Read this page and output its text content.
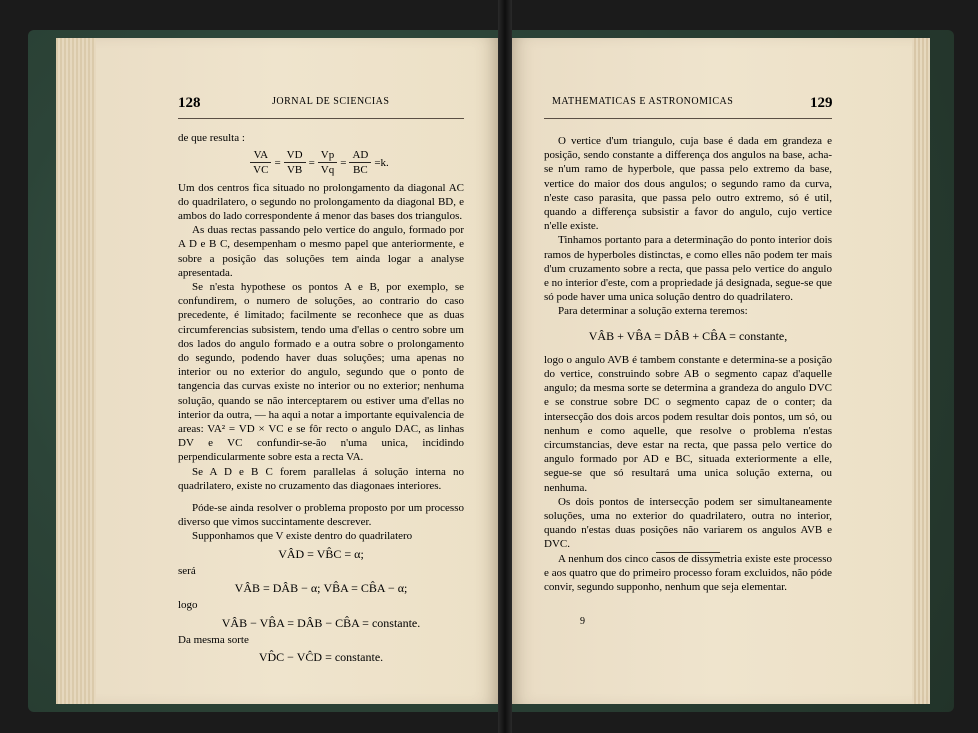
128	JORNAL DE SCIENCIAS

de que resulta :

VA	=	VD	=	Vp	=	AD	=k.
VC		VB		Vq		BC	

Um dos centros fica situado no prolongamento da diagonal AC do quadrilatero, o segundo no prolongamento da diagonal BD, e ambos do lado correspondente á menor das bases dos triangulos.

As duas rectas passando pelo vertice do angulo, formado por A D e B C, desempenham o mesmo papel que anteriormente, e sobre a posição das soluções tem ainda logar a analyse apresentada.

Se n'esta hypothese os pontos A e B, por exemplo, se confundirem, o numero de soluções, ao contrario do caso precedente, é limitado; facilmente se reconhece que as duas circumferencias subsistem, tendo uma d'ellas o centro sobre um dos lados do angulo formado e a outra sobre o prolongamento do segundo, podendo haver duas soluções; uma apenas no interior ou no exterior do angulo, segundo que o ponto de tangencia das curvas existe no interior ou no exterior; nenhuma solução, quando se não interceptarem ou estiver uma d'ellas no interior da outra, — ha aqui a notar a importante equivalencia de areas: VA² = VD × VC e se fôr recto o angulo DAC, as linhas DV e VC confundir-se-ão n'uma unica, incidindo perpendicularmente sobre esta a recta VA.

Se A D e B C forem parallelas á solução interna no quadrilatero, existe no cruzamento das diagonaes interiores.

Póde-se ainda resolver o problema proposto por um processo diverso que vimos succintamente descrever.

Supponhamos que V existe dentro do quadrilatero

VÂD = VB̂C = α;

será

VÂB = DÂB − α; VB̂A = CB̂A − α;

logo

VÂB − VB̂A = DÂB − CB̂A = constante.

Da mesma sorte

VD̂C − VĈD = constante.
MATHEMATICAS E ASTRONOMICAS	129

O vertice d'um triangulo, cuja base é dada em grandeza e posição, sendo constante a differença dos angulos na base, acha-se n'um ramo de hyperbole, que passa pelo extremo da base, vertice do maior dos dous angulos; o segundo ramo da curva, n'este caso parasita, que passa pelo outro extremo, só é util, quando a differença subsistir a favor do angulo, cujo vertice n'elle existe.

Tinhamos portanto para a determinação do ponto interior dois ramos de hyperboles distinctas, e como elles não podem ter mais d'um cruzamento sobre a recta, que passa pelo vertice do angulo e no interior d'este, com a propriedade já designada, segue-se que só pode haver uma unica solução dentro do quadrilatero.

Para determinar a solução externa teremos:

VÂB + VB̂A = DÂB + CB̂A = constante,

logo o angulo AVB é tambem constante e determina-se a posição do vertice, construindo sobre AB o segmento capaz d'aquelle angulo; da mesma sorte se determina a grandeza do angulo DVC e se construe sobre DC o segmento capaz de o conter; da intersecção dos dois arcos podem resultar dois pontos, um só, ou nenhum e como aquelle, que resolve o problema n'estas circumstancias, deve estar na recta, que passa pelo vertice do angulo formado por AD e BC, situada exteriormente a elle, segue-se que só resultará uma unica solução externa, ou nenhuma.

Os dois pontos de intersecção podem ser simultaneamente soluções, uma no exterior do quadrilatero, outra no interior, quando n'estas duas posições não variarem os angulos AVB e DVC.

A nenhum dos cinco casos de dissymetria existe este processo e aos quatro que do primeiro processo foram excluidos, não póde convir, segundo supponho, nenhum que seja elementar.

9
